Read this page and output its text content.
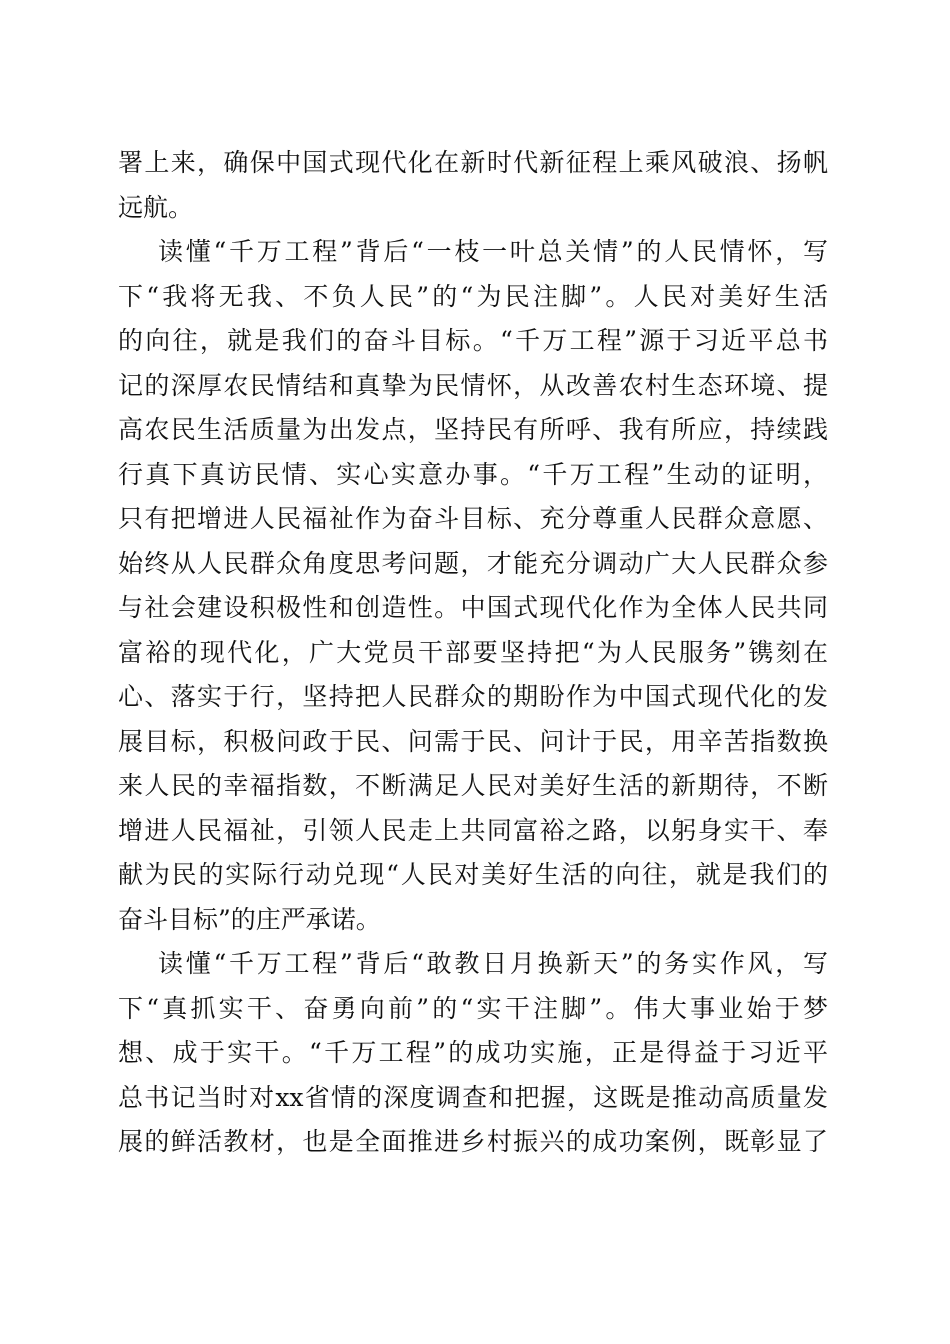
署上来，确保中国式现代化在新时代新征程上乘风破浪、扬帆
远航。
读懂“千万工程”背后“一枝一叶总关情”的人民情怀，写
下“我将无我、不负人民”的“为民注脚”。人民对美好生活
的向往，就是我们的奋斗目标。“千万工程”源于习近平总书
记的深厚农民情结和真挚为民情怀，从改善农村生态环境、提
高农民生活质量为出发点，坚持民有所呼、我有所应，持续践
行真下真访民情、实心实意办事。“千万工程”生动的证明，
只有把增进人民福祉作为奋斗目标、充分尊重人民群众意愿、
始终从人民群众角度思考问题，才能充分调动广大人民群众参
与社会建设积极性和创造性。中国式现代化作为全体人民共同
富裕的现代化，广大党员干部要坚持把“为人民服务”镌刻在
心、落实于行，坚持把人民群众的期盼作为中国式现代化的发
展目标，积极问政于民、问需于民、问计于民，用辛苦指数换
来人民的幸福指数，不断满足人民对美好生活的新期待，不断
增进人民福祉，引领人民走上共同富裕之路，以躬身实干、奉
献为民的实际行动兑现“人民对美好生活的向往，就是我们的
奋斗目标”的庄严承诺。
读懂“千万工程”背后“敢教日月换新天”的务实作风，写
下“真抓实干、奋勇向前”的“实干注脚”。伟大事业始于梦
想、成于实干。“千万工程”的成功实施，正是得益于习近平
总书记当时对xx省情的深度调查和把握，这既是推动高质量发
展的鲜活教材，也是全面推进乡村振兴的成功案例，既彰显了
